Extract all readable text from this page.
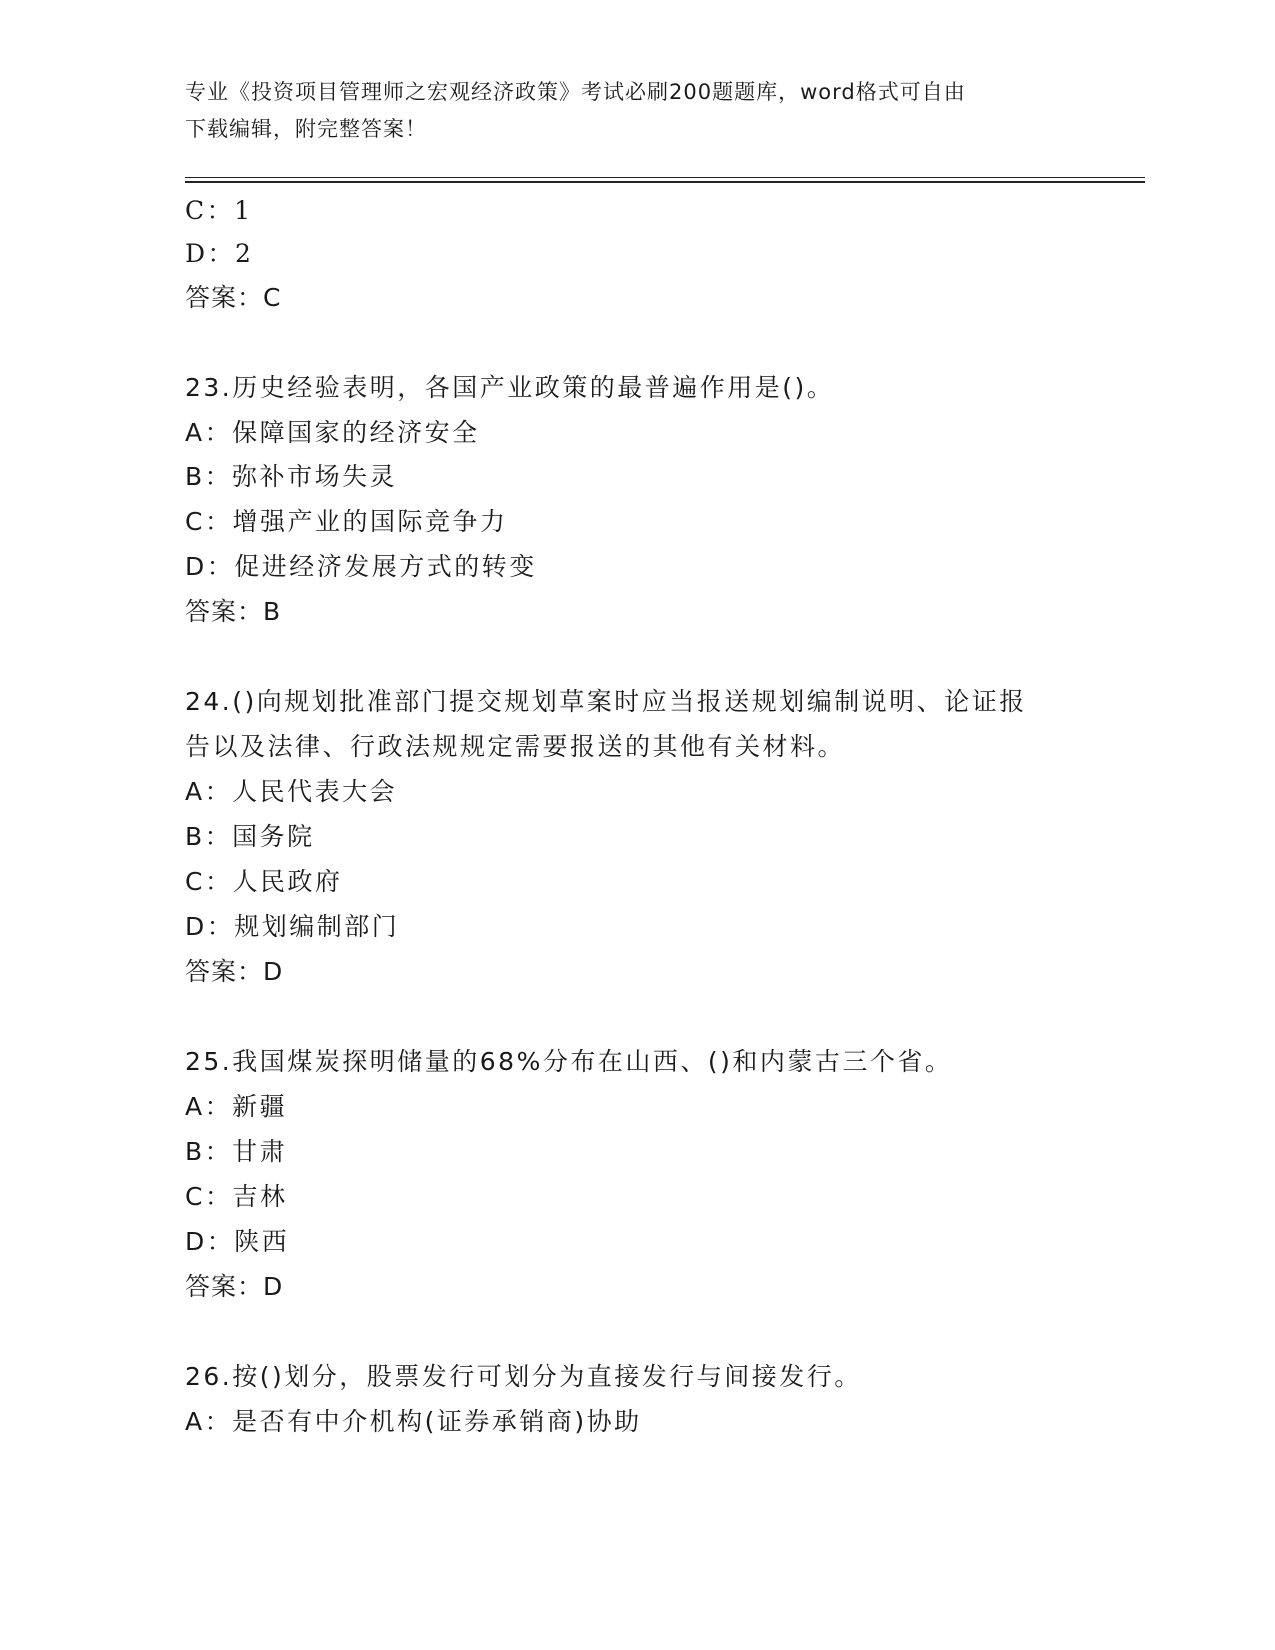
专业《投资项目管理师之宏观经济政策》考试必刷200题题库，word格式可自由
下载编辑，附完整答案！
C：1
D：2
答案：C
23.历史经验表明，各国产业政策的最普遍作用是()。
A：保障国家的经济安全
B：弥补市场失灵
C：增强产业的国际竞争力
D：促进经济发展方式的转变
答案：B
24.()向规划批准部门提交规划草案时应当报送规划编制说明、论证报
告以及法律、行政法规规定需要报送的其他有关材料。
A：人民代表大会
B：国务院
C：人民政府
D：规划编制部门
答案：D
25.我国煤炭探明储量的68%分布在山西、()和内蒙古三个省。
A：新疆
B：甘肃
C：吉林
D：陕西
答案：D
26.按()划分，股票发行可划分为直接发行与间接发行。
A：是否有中介机构(证券承销商)协助
